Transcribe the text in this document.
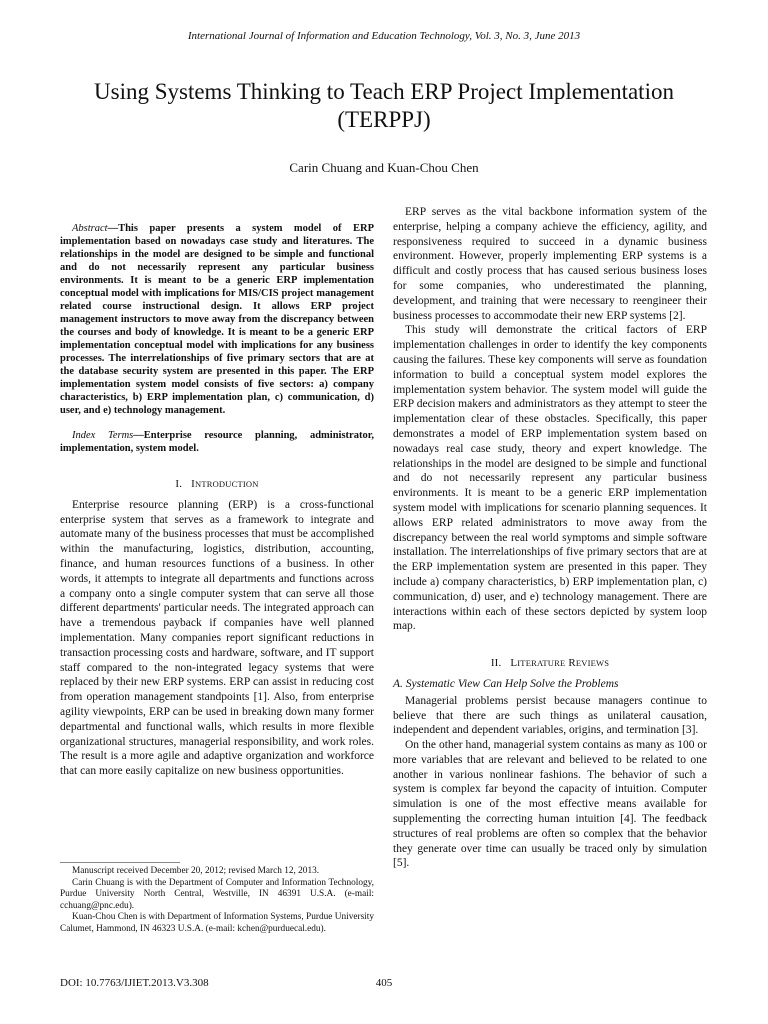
International Journal of Information and Education Technology, Vol. 3, No. 3, June 2013
Using Systems Thinking to Teach ERP Project Implementation (TERPPJ)
Carin Chuang and Kuan-Chou Chen

Abstract—This paper presents a system model of ERP implementation based on nowadays case study and literatures. The relationships in the model are designed to be simple and functional and do not necessarily represent any particular business environments. It is meant to be a generic ERP implementation conceptual model with implications for MIS/CIS project management related course instructional design. It allows ERP project management instructors to move away from the discrepancy between the courses and body of knowledge. It is meant to be a generic ERP implementation conceptual model with implications for any business processes. The interrelationships of five primary sectors that are at the database security system are presented in this paper. The ERP implementation system model consists of five sectors: a) company characteristics, b) ERP implementation plan, c) communication, d) user, and e) technology management.

Index Terms—Enterprise resource planning, administrator, implementation, system model.

I. INTRODUCTION

Enterprise resource planning (ERP) is a cross-functional enterprise system that serves as a framework to integrate and automate many of the business processes that must be accomplished within the manufacturing, logistics, distribution, accounting, finance, and human resources functions of a business. In other words, it attempts to integrate all departments and functions across a company onto a single computer system that can serve all those different departments' particular needs. The integrated approach can have a tremendous payback if companies have well planned implementation. Many companies report significant reductions in transaction processing costs and hardware, software, and IT support staff compared to the non-integrated legacy systems that were replaced by their new ERP systems. ERP can assist in reducing cost from operation management standpoints [1]. Also, from enterprise agility viewpoints, ERP can be used in breaking down many former departmental and functional walls, which results in more flexible organizational structures, managerial responsibility, and work roles. The result is a more agile and adaptive organization and workforce that can more easily capitalize on new business opportunities.

Manuscript received December 20, 2012; revised March 12, 2013.

Carin Chuang is with the Department of Computer and Information Technology, Purdue University North Central, Westville, IN 46391 U.S.A. (e-mail: cchuang@pnc.edu).

Kuan-Chou Chen is with Department of Information Systems, Purdue University Calumet, Hammond, IN 46323 U.S.A. (e-mail: kchen@purduecal.edu).

ERP serves as the vital backbone information system of the enterprise, helping a company achieve the efficiency, agility, and responsiveness required to succeed in a dynamic business environment. However, properly implementing ERP systems is a difficult and costly process that has caused serious business loses for some companies, who underestimated the planning, development, and training that were necessary to reengineer their business processes to accommodate their new ERP systems [2].

This study will demonstrate the critical factors of ERP implementation challenges in order to identify the key components causing the failures. These key components will serve as foundation information to build a conceptual system model explores the implementation system behavior. The system model will guide the ERP decision makers and administrators as they attempt to steer the implementation clear of these obstacles. Specifically, this paper demonstrates a model of ERP implementation system based on nowadays real case study, theory and expert knowledge. The relationships in the model are designed to be simple and functional and do not necessarily represent any particular business environments. It is meant to be a generic ERP implementation system model with implications for scenario planning sequences. It allows ERP related administrators to move away from the discrepancy between the real world symptoms and simple software installation. The interrelationships of five primary sectors that are at the ERP implementation system are presented in this paper. They include a) company characteristics, b) ERP implementation plan, c) communication, d) user, and e) technology management. There are interactions within each of these sectors depicted by system loop map.

II. LITERATURE REVIEWS
A. Systematic View Can Help Solve the Problems

Managerial problems persist because managers continue to believe that there are such things as unilateral causation, independent and dependent variables, origins, and termination [3].

On the other hand, managerial system contains as many as 100 or more variables that are relevant and believed to be related to one another in various nonlinear fashions. The behavior of such a system is complex far beyond the capacity of intuition. Computer simulation is one of the most effective means available for supplementing the correcting human intuition [4]. The feedback structures of real problems are often so complex that the behavior they generate over time can usually be traced only by simulation [5].

DOI: 10.7763/IJIET.2013.V3.308	405
